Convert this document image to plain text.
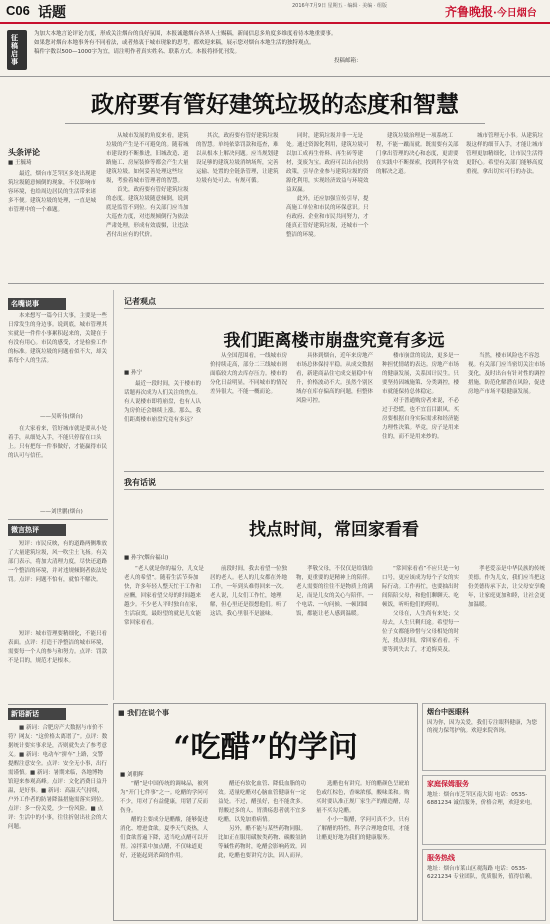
C06 话题	2016年7月9日 星期五 · 编辑 · 美编 · 组版	齐鲁晚报 ·今日烟台
征稿启事
为加大本地言论评论力度，形成关注烟台的良好氛围，本报诚邀烟台各界人士赐稿，新闻信息多角度多维度看待本地重要事。
如果您对烟台本地事务有不同看法，或者热衷于城市现象的思考，都欢迎来稿，展示您对烟台本地生活的独特观点。
稿件字数以500—1000字为宜，请注明作者真实姓名、联系方式。本报将择优刊发。
投稿邮箱：
政府要有管好建筑垃圾的态度和智慧
头条评论
■ 王毓琦

最近，烟台市芝罘区多处出现建筑垃圾随意倾倒的现象，不仅影响市容环境，也给周边居民的生活带来诸多不便。建筑垃圾的处理，一直是城市管理中的一个难题。

从城市发展的角度来看，建筑垃圾的产生是不可避免的。随着城市建设的不断推进，旧城改造、道路施工、房屋装修等都会产生大量建筑垃圾。如何妥善处理这些垃圾，考验着城市管理者的智慧。

首先，政府要有管好建筑垃圾的态度。建筑垃圾随意倾倒，说到底是监管不到位。有关部门应当加大巡查力度，对违规倾倒行为依法严肃处理，形成有效震慑，让违法者付出应有的代价。

其次，政府要有管好建筑垃圾的智慧。单纯依靠罚款和巡查，难以从根本上解决问题。应当规划建设足够的建筑垃圾消纳场所，完善运输、处置的全链条管理，让建筑垃圾有处可去、有规可循。

同时，建筑垃圾并非一无是处。通过资源化利用，建筑垃圾可以加工成再生骨料、再生砖等建材，变废为宝。政府可以出台扶持政策，引导企业参与建筑垃圾的资源化利用，实现经济效益与环境效益双赢。

此外，还应加强宣传引导，提高施工单位和市民的环保意识。只有政府、企业和市民共同努力，才能真正管好建筑垃圾，还城市一个整洁的环境。

建筑垃圾治理是一项系统工程，不能一蹴而就。既需要有关部门拿出管理的决心和态度，更需要在实践中不断探索，找到科学有效的解决之道。

城市管理无小事。从建筑垃圾这样的细节入手，才能让城市管理更加精细化，让市民生活得更舒心。希望有关部门能够高度重视，拿出切实可行的办法。

名嘴说事

本来想写一篇今日大事，主要是一些日常发生的身边事。说到底，城市管理其实就是一件件小事累积起来的，关键在于有没有用心。市民的感受，才是检验工作的标准。建筑垃圾的问题看似不大，却关系每个人的生活。

——吴昕伟(烟台)

在大家看来，管好城市就是要从小处着手，从细处入手，不能只停留在口头上。只有把每一件事做好，才能赢得市民的认可与信任。

——刘世鹏(烟台)
微言热评

短评：市民反映，有的道路两侧堆放了大量建筑垃圾，风一吹尘土飞扬。有关部门表示，将加大清理力度，尽快还道路一个整洁的环境，并对违规倾倒者依法处罚。点评：问题不怕有，就怕不解决。

短评：城市管理要精细化，不能只看表面。点评：打造干净整洁的城市环境，需要每一个人的参与和努力。点评：罚款不是目的，规范才是根本。

记者观点
我们距离楼市崩盘究竟有多远
■ 孙宁

最近一段时间，关于楼市的话题再次成为人们关注的焦点。有人说楼市即将崩盘，也有人认为房价还会继续上涨。那么，我们距离楼市崩盘究竟有多远？

从全国范围看，一线城市房价持续走高，部分二三线城市则面临较大的去库存压力。楼市的分化日益明显，不同城市的情况差异很大，不能一概而论。

具体到烟台，近年来房地产市场总体保持平稳。从成交数据看，新建商品住宅成交量稳中有升，价格波动不大。虽然个别区域存在库存偏高的问题，但整体风险可控。

楼市崩盘的说法，更多是一种担忧情绪的表达。房地产市场的健康发展，关系国计民生。只要坚持因城施策、分类调控，楼市就能保持总体稳定。

对于普通购房者来说，不必过于恐慌，也不宜盲目跟风。买房要根据自身实际需求和经济能力理性决策。毕竟，房子是用来住的，而不是用来炒的。

当然，楼市风险也不容忽视。有关部门应当密切关注市场变化，及时出台有针对性的调控措施，防范化解潜在风险，促进房地产市场平稳健康发展。

我有话说
找点时间，常回家看看
■ 孙宇(烟台福山)

“老人就是你的福分，儿女是老人的希望”。随着生活节奏加快，许多年轻人整天忙于工作和应酬，回家看望父母的时间越来越少。不少老人平时独自在家，生活寂寞，最盼望的就是儿女能常回家看看。

前段时间，我去看望一位独居的老人。老人的儿女都在外地工作，一年到头难得回来一次。老人说，儿女们工作忙，她理解，但心里还是很想他们。听了这话，我心里很不是滋味。

孝敬父母，不仅仅是给钱给物，更重要的是精神上的陪伴。老人需要的往往不是物质上的满足，而是儿女的关心与陪伴。一个电话、一句问候、一顿团圆饭，都能让老人感到温暖。

“常回家看看”不应只是一句口号，更应该成为每个子女的实际行动。工作再忙，也要抽出时间陪陪父母，和他们聊聊天、吃顿饭，听听他们的唠叨。

父母在，人生尚有来处；父母去，人生只剩归途。希望每一位子女都能珍惜与父母相处的时光，找点时间，常回家看看。不要等到失去了，才追悔莫及。

孝老爱亲是中华民族的传统美德。作为儿女，我们应当把这份美德传承下去，让父母安享晚年，让家庭更加和睦，让社会更加温暖。

新语新话

■ 新词：合肥房产大数据与市价不符？网友：“这价格太离谱了”。点评：数据统计要实事求是，否则就失去了参考意义。■ 新词：电动车“拼车”上路，交警提醒注意安全。点评：安全无小事，出行需谨慎。■ 新词：暑期来临，各地博物馆迎来参观高峰。点评：文化消费日益升温，是好事。■ 新词：高温天气持续，户外工作者的防暑降温措施需落实到位。点评：多一份关爱，少一份风险。■ 点评：生活中的小事，往往折射出社会的大问题。

■ 我们在说个事
“吃醋”的学问
■ 刘朝辉

“醋”是中国传统的调味品，被列为“开门七件事”之一。吃醋的学问可不少，用对了有益健康，用错了反而伤身。

醋的主要成分是醋酸，能够促进消化、增进食欲。夏季天气炎热，人们食欲普遍下降，适当吃点醋可以开胃。凉拌菜中加点醋，不仅味道更好，还能起到杀菌的作用。

醋还有软化血管、降低血脂的功效。适量吃醋对心脑血管健康有一定益处。不过，醋虽好，也不能贪多。胃酸过多的人、胃溃疡患者就不宜多吃醋，以免加重病情。

另外，醋不能与某些药物同服。比如正在服用磺胺类药物、碳酸氢钠等碱性药物时，吃醋会影响药效。因此，吃醋也要讲究方法，因人而异。

选醋也有讲究。好的醋颜色呈琥珀色或红棕色，香味浓郁，酸味柔和。购买时要认准正规厂家生产的酿造醋，尽量不买勾兑醋。

小小一瓶醋，学问可真不少。只有了解醋的特性，科学合理地食用，才能让醋更好地为我们的健康服务。

烟台中医眼科
因为你，因为关爱，我们专注眼科健康，为您的视力保驾护航。欢迎来院咨询。
家庭保姆服务
地址：烟台市芝罘区南大街 电话：0535-6881234 诚信服务，价格合理，欢迎来电。
服务热线
地址：烟台市莱山区观海路 电话：0535-6221234 专业团队，优质服务，值得信赖。
